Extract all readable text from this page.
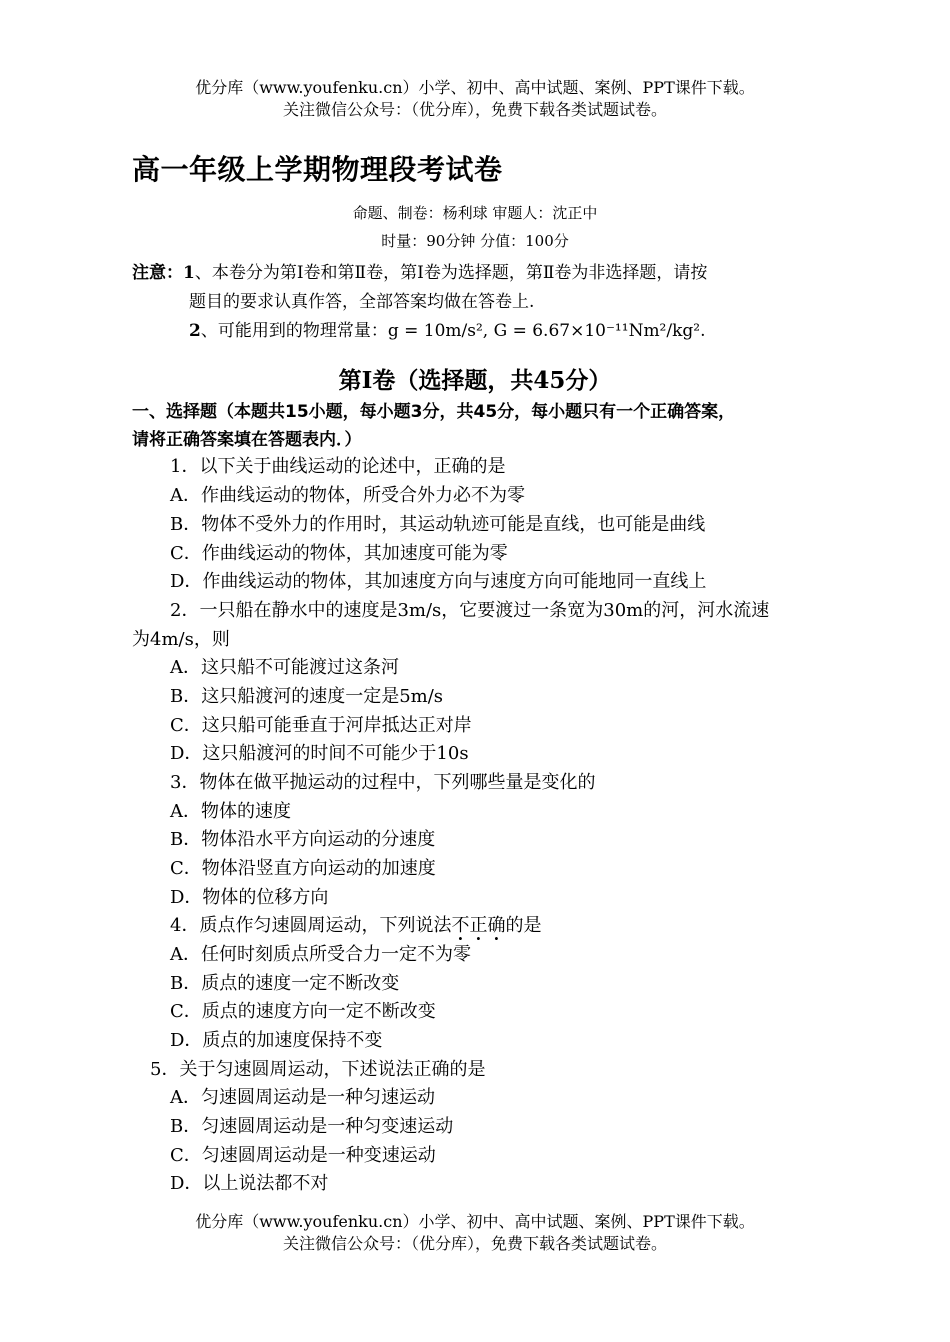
优分库（www.youfenku.cn）小学、初中、高中试题、案例、PPT课件下载。
关注微信公众号：（优分库），免费下载各类试题试卷。
高一年级上学期物理段考试卷
命题、制卷：杨利球 审题人：沈正中
时量：90分钟 分值：100分
注意：1、本卷分为第Ⅰ卷和第Ⅱ卷，第Ⅰ卷为选择题，第Ⅱ卷为非选择题，请按
题目的要求认真作答，全部答案均做在答卷上.
2、可能用到的物理常量：g = 10m/s², G = 6.67×10⁻¹¹Nm²/kg².
第Ⅰ卷（选择题，共45分）
一、选择题（本题共15小题，每小题3分，共45分，每小题只有一个正确答案，
请将正确答案填在答题表内．）
1．以下关于曲线运动的论述中，正确的是
A．作曲线运动的物体，所受合外力必不为零
B．物体不受外力的作用时，其运动轨迹可能是直线，也可能是曲线
C．作曲线运动的物体，其加速度可能为零
D．作曲线运动的物体，其加速度方向与速度方向可能地同一直线上
2．一只船在静水中的速度是3m/s，它要渡过一条宽为30m的河，河水流速
为4m/s，则
A．这只船不可能渡过这条河
B．这只船渡河的速度一定是5m/s
C．这只船可能垂直于河岸抵达正对岸
D．这只船渡河的时间不可能少于10s
3．物体在做平抛运动的过程中，下列哪些量是变化的
A．物体的速度
B．物体沿水平方向运动的分速度
C．物体沿竖直方向运动的加速度
D．物体的位移方向
4．质点作匀速圆周运动，下列说法不正确的是
A．任何时刻质点所受合力一定不为零
B．质点的速度一定不断改变
C．质点的速度方向一定不断改变
D．质点的加速度保持不变
5．关于匀速圆周运动，下述说法正确的是
A．匀速圆周运动是一种匀速运动
B．匀速圆周运动是一种匀变速运动
C．匀速圆周运动是一种变速运动
D．以上说法都不对
优分库（www.youfenku.cn）小学、初中、高中试题、案例、PPT课件下载。
关注微信公众号：（优分库），免费下载各类试题试卷。
